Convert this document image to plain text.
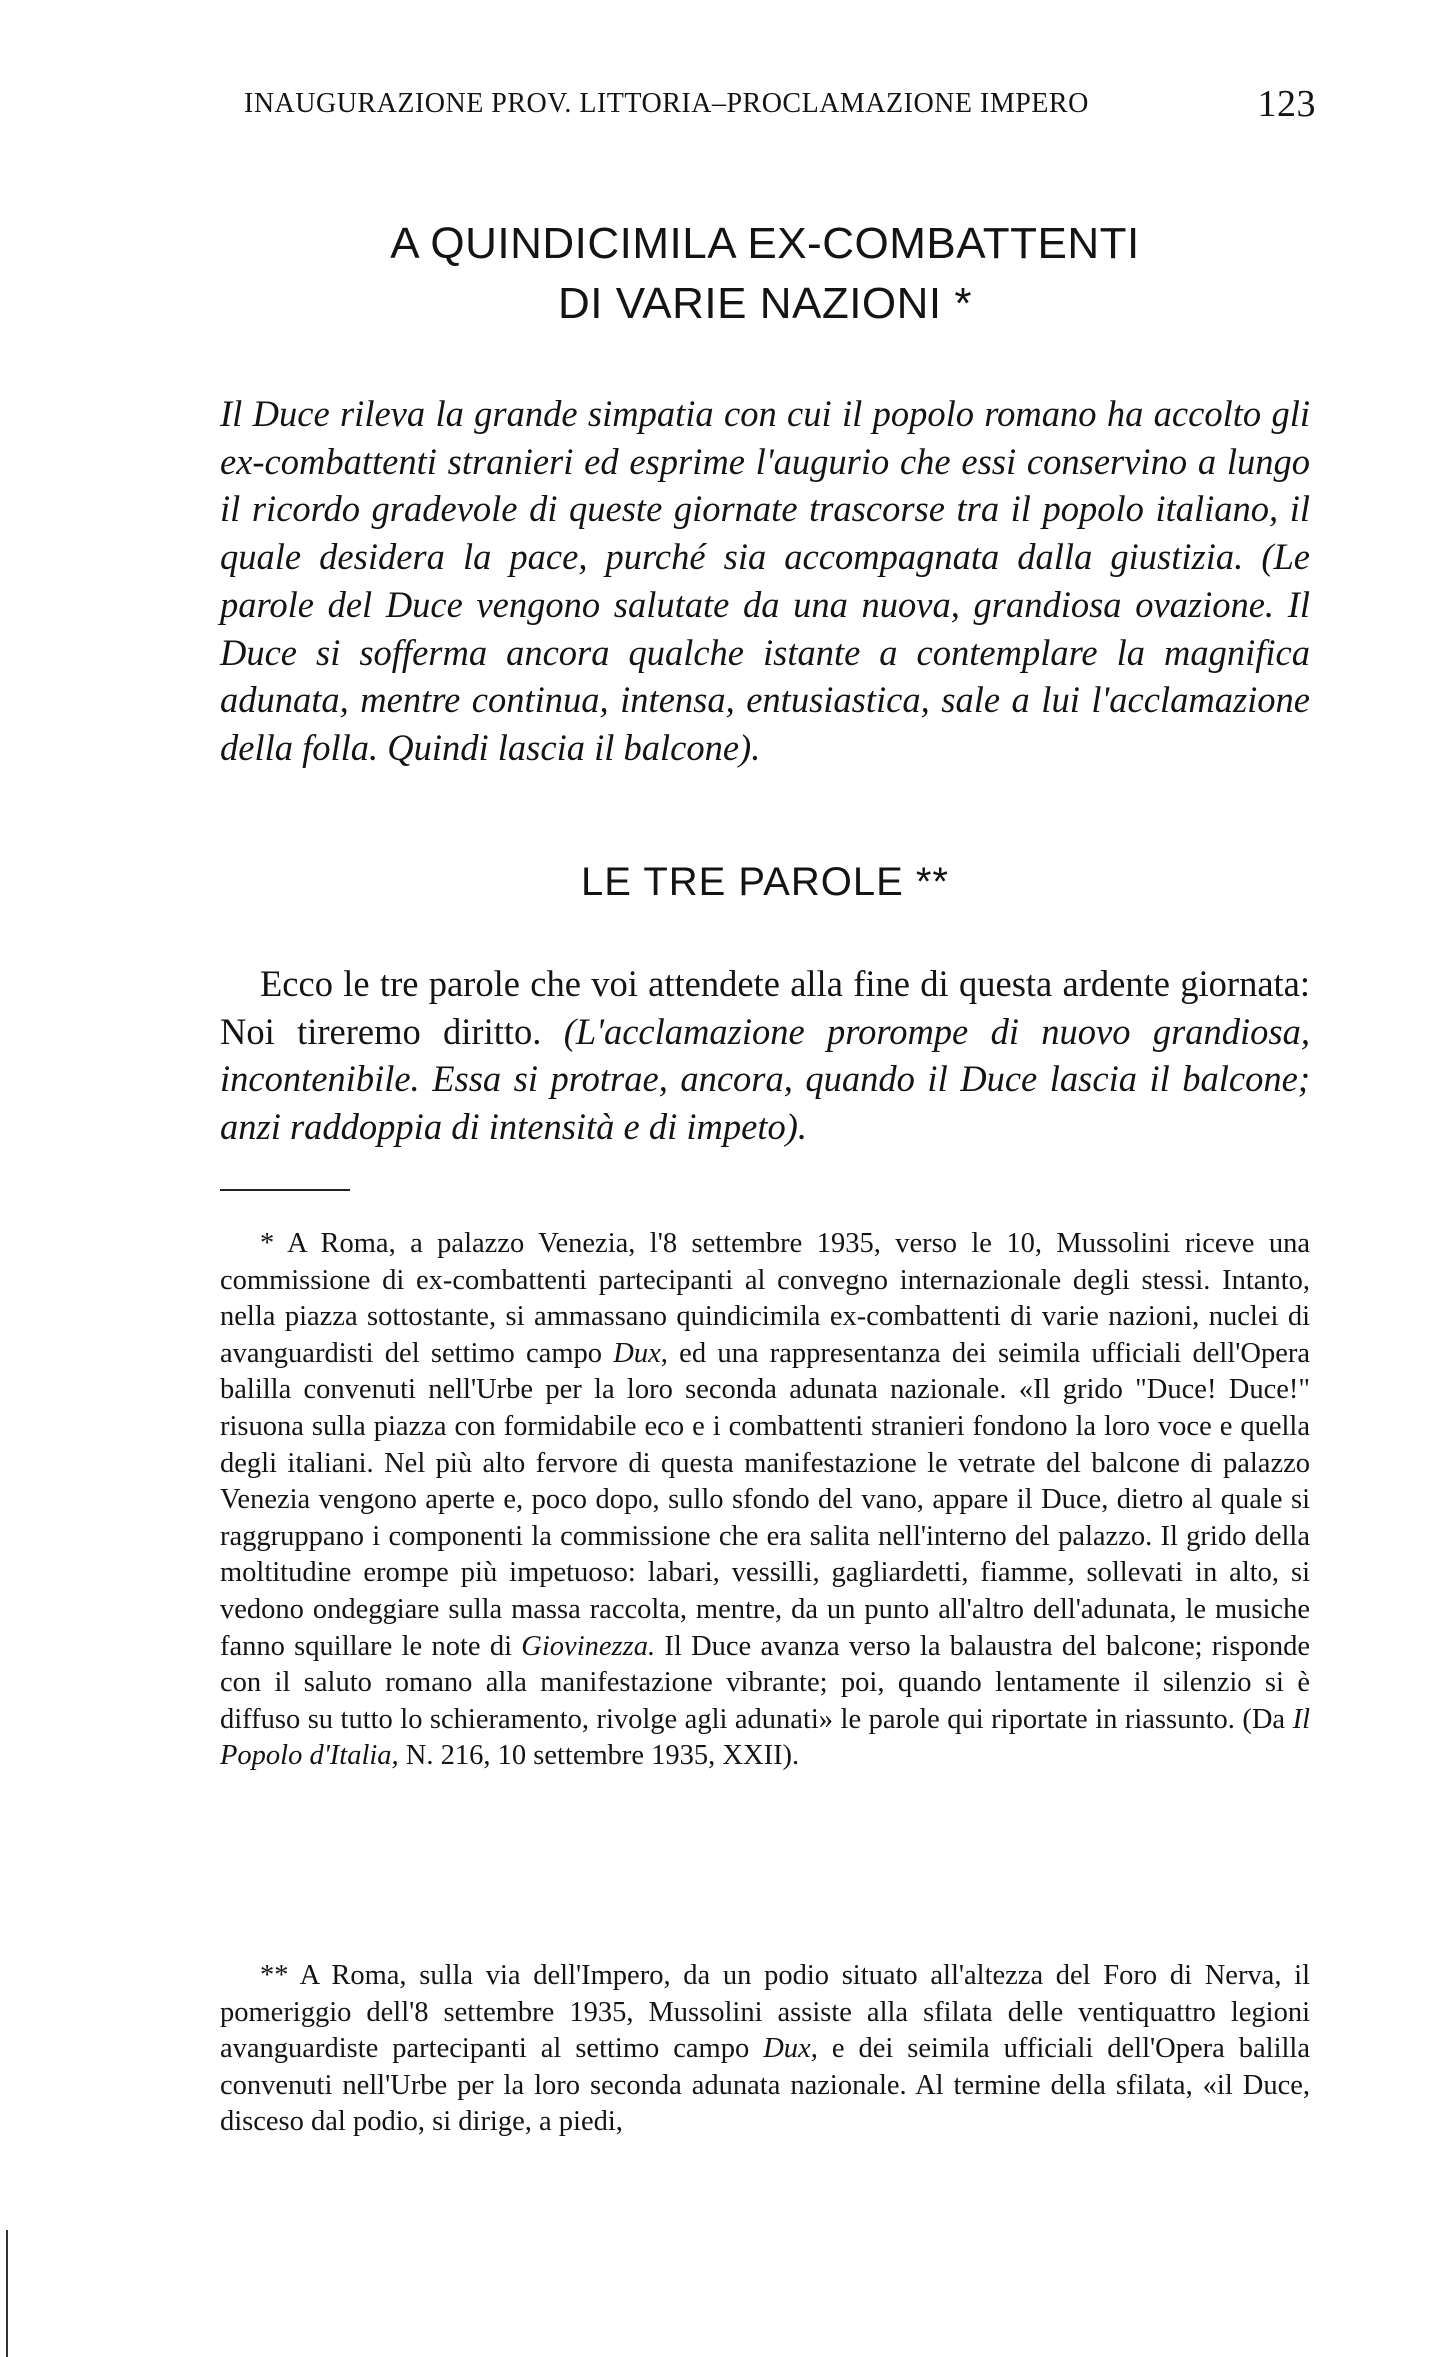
INAUGURAZIONE PROV. LITTORIA–PROCLAMAZIONE IMPERO	123
A QUINDICIMILA EX-COMBATTENTI
DI VARIE NAZIONI *

Il Duce rileva la grande simpatia con cui il popolo romano ha accolto gli ex-combattenti stranieri ed esprime l'augurio che essi conservino a lungo il ricordo gradevole di queste giornate trascorse tra il popolo italiano, il quale desidera la pace, purché sia accompagnata dalla giustizia. (Le parole del Duce vengono salutate da una nuova, grandiosa ovazione. Il Duce si sofferma ancora qualche istante a contemplare la magnifica adunata, mentre continua, intensa, entusiastica, sale a lui l'acclamazione della folla. Quindi lascia il balcone).

LE TRE PAROLE **

Ecco le tre parole che voi attendete alla fine di questa ardente giornata: Noi tireremo diritto. (L'acclamazione prorompe di nuovo grandiosa, incontenibile. Essa si protrae, ancora, quando il Duce lascia il balcone; anzi raddoppia di intensità e di impeto).

* A Roma, a palazzo Venezia, l'8 settembre 1935, verso le 10, Mussolini riceve una commissione di ex-combattenti partecipanti al convegno internazionale degli stessi. Intanto, nella piazza sottostante, si ammassano quindicimila ex-combattenti di varie nazioni, nuclei di avanguardisti del settimo campo Dux, ed una rappresentanza dei seimila ufficiali dell'Opera balilla convenuti nell'Urbe per la loro seconda adunata nazionale. «Il grido "Duce! Duce!" risuona sulla piazza con formidabile eco e i combattenti stranieri fondono la loro voce e quella degli italiani. Nel più alto fervore di questa manifestazione le vetrate del balcone di palazzo Venezia vengono aperte e, poco dopo, sullo sfondo del vano, appare il Duce, dietro al quale si raggruppano i componenti la commissione che era salita nell'interno del palazzo. Il grido della moltitudine erompe più impetuoso: labari, vessilli, gagliardetti, fiamme, sollevati in alto, si vedono ondeggiare sulla massa raccolta, mentre, da un punto all'altro dell'adunata, le musiche fanno squillare le note di Giovinezza. Il Duce avanza verso la balaustra del balcone; risponde con il saluto romano alla manifestazione vibrante; poi, quando lentamente il silenzio si è diffuso su tutto lo schieramento, rivolge agli adunati» le parole qui riportate in riassunto. (Da Il Popolo d'Italia, N. 216, 10 settembre 1935, XXII).

** A Roma, sulla via dell'Impero, da un podio situato all'altezza del Foro di Nerva, il pomeriggio dell'8 settembre 1935, Mussolini assiste alla sfilata delle ventiquattro legioni avanguardiste partecipanti al settimo campo Dux, e dei seimila ufficiali dell'Opera balilla convenuti nell'Urbe per la loro seconda adunata nazionale. Al termine della sfilata, «il Duce, disceso dal podio, si dirige, a piedi,
